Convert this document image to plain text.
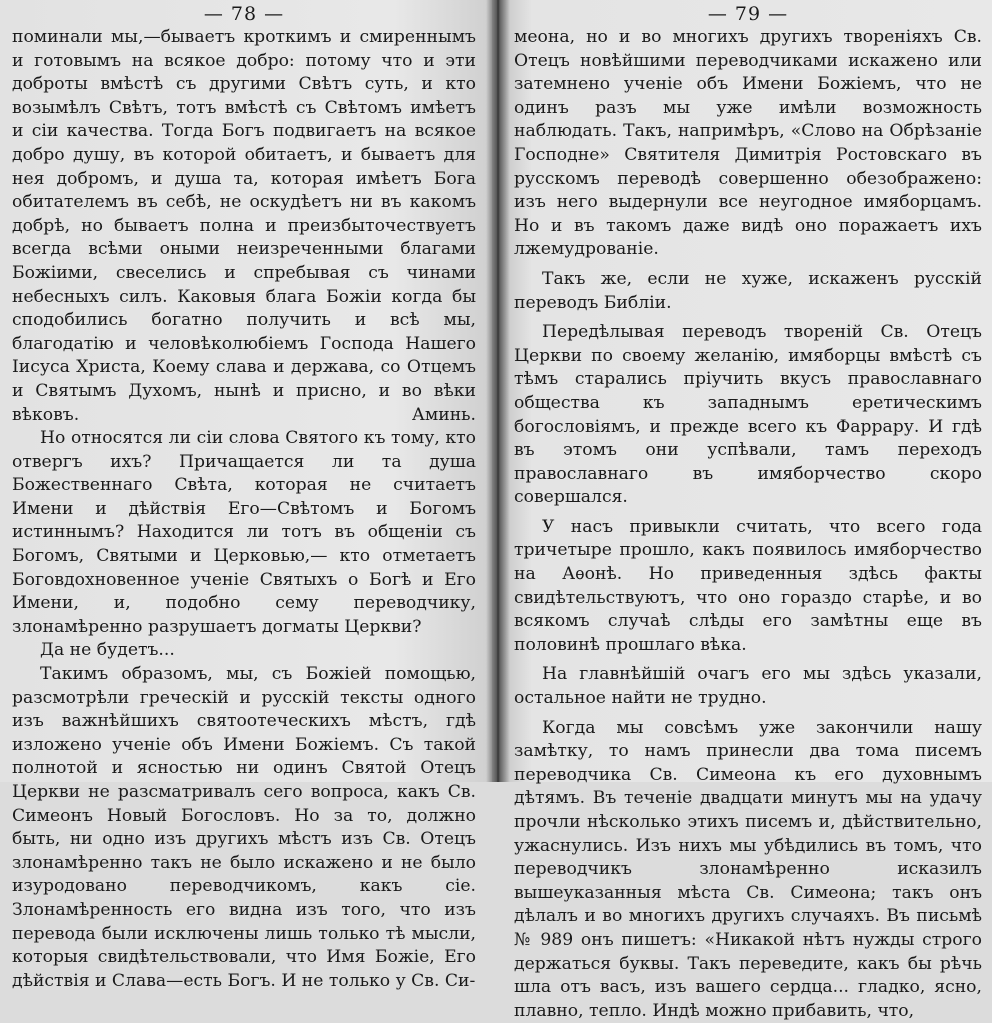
— 78 —

поминали мы,—бываетъ кроткимъ и смиреннымъ и готовымъ на всякое добро: потому что и эти доброты вмѣстѣ съ другими Свѣтъ суть, и кто возымѣлъ Свѣтъ, тотъ вмѣстѣ съ Свѣтомъ имѣетъ и сіи качества. Тогда Богъ подвигаетъ на всякое добро душу, въ которой обитаетъ, и бываетъ для нея добромъ, и душа та, которая имѣетъ Бога обитателемъ въ себѣ, не оскудѣетъ ни въ какомъ добрѣ, но бываетъ полна и преизбыточествуетъ всегда всѣми оными неизреченными благами Божіими, свеселись и спребывая съ чинами небесныхъ силъ. Каковыя блага Божіи когда бы сподобились богатно получить и всѣ мы, благодатію и человѣколюбіемъ Господа Нашего Іисуса Христа, Коему слава и держава, со Отцемъ и Святымъ Духомъ, нынѣ и присно, и во вѣки вѣковъ. Аминь.

Но относятся ли сіи слова Святого къ тому, кто отвергъ ихъ? Причащается ли та душа Божественнаго Свѣта, которая не считаетъ Имени и дѣйствія Его—Свѣтомъ и Богомъ истиннымъ? Находится ли тотъ въ общеніи съ Богомъ, Святыми и Церковью,— кто отметаетъ Боговдохновенное ученіе Святыхъ о Богѣ и Его Имени, и, подобно сему переводчику, злонамѣренно разрушаетъ догматы Церкви?

Да не будетъ...

Такимъ образомъ, мы, съ Божіей помощью, разсмотрѣли греческій и русскій тексты одного изъ важнѣйшихъ святоотеческихъ мѣстъ, гдѣ изложено ученіе объ Имени Божіемъ. Съ такой полнотой и ясностью ни одинъ Святой Отецъ Церкви не разсматривалъ сего вопроса, какъ Св. Симеонъ Новый Богословъ. Но за то, должно быть, ни одно изъ другихъ мѣстъ изъ Св. Отецъ злонамѣренно такъ не было искажено и не было изуродовано переводчикомъ, какъ сіе. Злонамѣренность его видна изъ того, что изъ перевода были исключены лишь только тѣ мысли, которыя свидѣтельствовали, что Имя Божіе, Его дѣйствія и Слава—есть Богъ. И не только у Св. Си-

— 79 —

меона, но и во многихъ другихъ твореніяхъ Св. Отецъ новѣйшими переводчиками искажено или затемнено ученіе объ Имени Божіемъ, что не одинъ разъ мы уже имѣли возможность наблюдать. Такъ, напримѣръ, «Слово на Обрѣзаніе Господне» Святителя Димитрія Ростовскаго въ русскомъ переводѣ совершенно обезображено: изъ него выдернули все неугодное имяборцамъ. Но и въ такомъ даже видѣ оно поражаетъ ихъ лжемудрованіе.

Такъ же, если не хуже, искаженъ русскій переводъ Библіи.

Передѣлывая переводъ твореній Св. Отецъ Церкви по своему желанію, имяборцы вмѣстѣ съ тѣмъ старались пріучить вкусъ православнаго общества къ западнымъ еретическимъ богословіямъ, и прежде всего къ Фаррару. И гдѣ въ этомъ они успѣвали, тамъ переходъ православнаго въ имяборчество скоро совершался.

У насъ привыкли считать, что всего года тричетыре прошло, какъ появилось имяборчество на Аѳонѣ. Но приведенныя здѣсь факты свидѣтельствуютъ, что оно гораздо старѣе, и во всякомъ случаѣ слѣды его замѣтны еще въ половинѣ прошлаго вѣка.

На главнѣйшій очагъ его мы здѣсь указали, остальное найти не трудно.

Когда мы совсѣмъ уже закончили нашу замѣтку, то намъ принесли два тома писемъ переводчика Св. Симеона къ его духовнымъ дѣтямъ. Въ теченіе двадцати минутъ мы на удачу прочли нѣсколько этихъ писемъ и, дѣйствительно, ужаснулись. Изъ нихъ мы убѣдились въ томъ, что переводчикъ злонамѣренно исказилъ вышеуказанныя мѣста Св. Симеона; такъ онъ дѣлалъ и во многихъ другихъ случаяхъ. Въ письмѣ № 989 онъ пишетъ: «Никакой нѣтъ нужды строго держаться буквы. Такъ переведите, какъ бы рѣчь шла отъ васъ, изъ вашего сердца... гладко, ясно, плавно, тепло. Индѣ можно прибавить, что,
